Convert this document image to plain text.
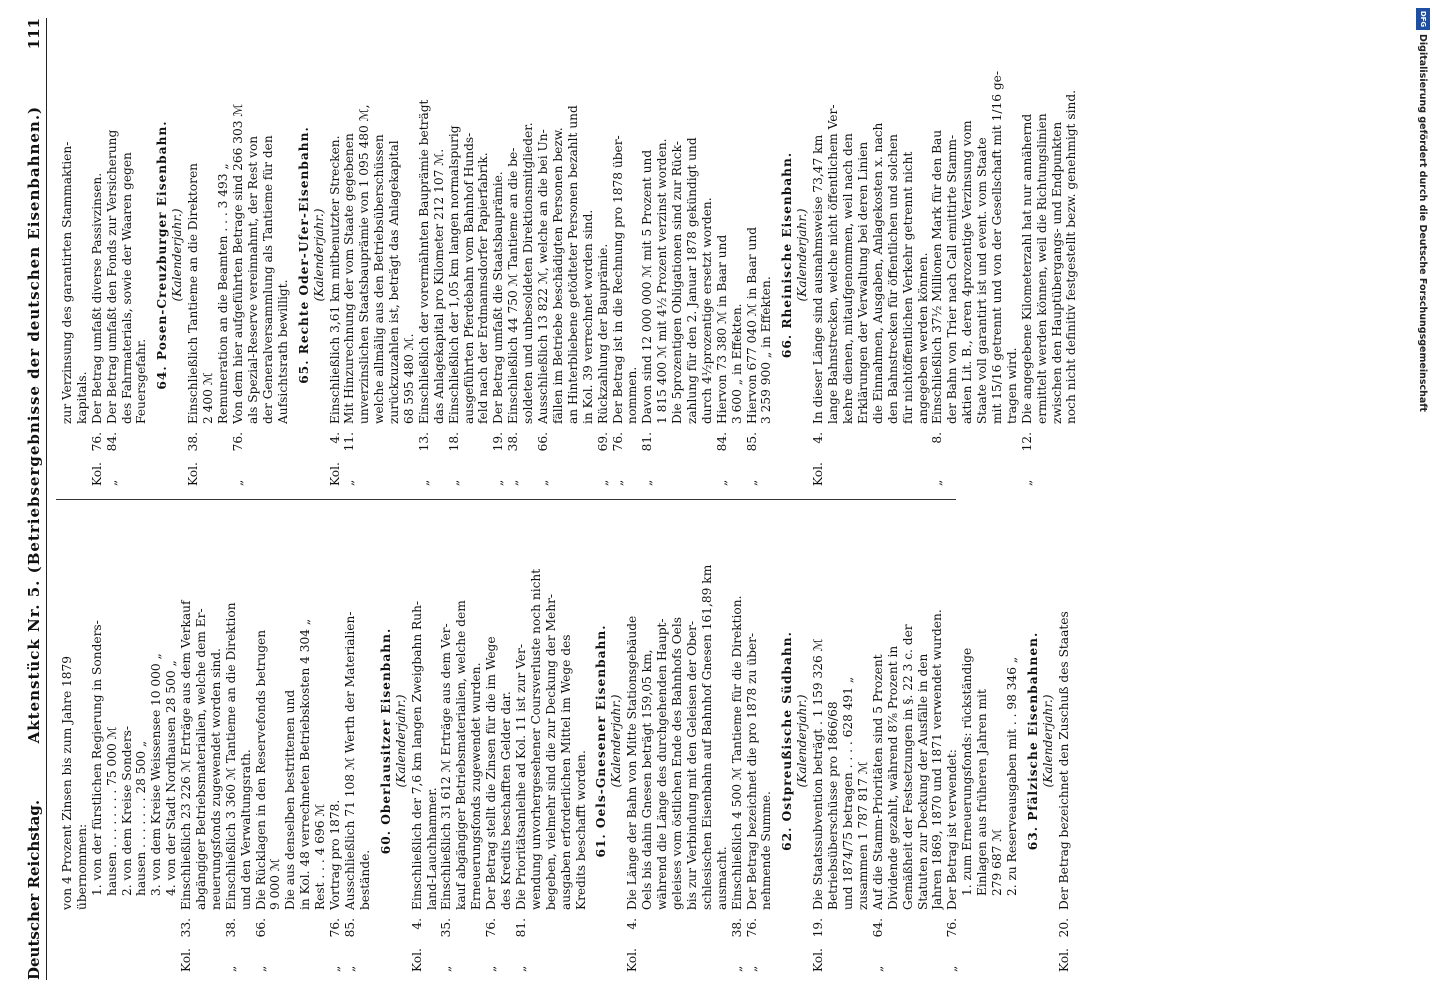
Deutscher Reichstag.
Aktenstück Nr. 5. (Betriebsergebnisse der deutschen Eisenbahnen.)
111
von 4 Prozent Zinsen bis zum Jahre 1879 übernommen: 1. von der fürstlichen Regierung in Sonders- hausen . . . . . . . . 75 000 ℳ 2. von dem Kreise Sonders- hausen . . . . . . . 28 500 „ 3. von dem Kreise Weissensee 10 000 „ 4. von der Stadt Nordhausen 28 500 „
Kol.
33.
Einschließlich 23 226 ℳ Erträge aus dem Verkauf abgängiger Betriebsmaterialien, welche dem Er- neuerungsfonds zugewendet worden sind.
„
38.
Einschließlich 3 360 ℳ Tantieme an die Direktion und den Verwaltungsrath.
„
66.
Die Rücklagen in den Reservefonds betrugen 9 000 ℳ Die aus denselben bestrittenen und in Kol. 48 verrechneten Betriebskosten 4 304 „ Rest . . . 4 696 ℳ
„
76.
Vortrag pro 1878.
„
85.
Ausschließlich 71 108 ℳ Werth der Materialien- bestände.
60. Oberlausitzer Eisenbahn. (Kalenderjahr.)
Kol.
4.
Einschließlich der 7,6 km langen Zweigbahn Ruh- land-Lauchhammer.
„
35.
Einschließlich 31 612 ℳ Erträge aus dem Ver- kauf abgängiger Betriebsmaterialien, welche dem Erneuerungsfonds zugewendet wurden.
„
76.
Der Betrag stellt die Zinsen für die im Wege des Kredits beschafften Gelder dar.
„
81.
Die Prioritätsanleihe ad Kol. 11 ist zur Ver- wendung unvorhergesehener Coursverluste noch nicht begeben, vielmehr sind die zur Deckung der Mehr- ausgaben erforderlichen Mittel im Wege des Kredits beschafft worden. 61. Oels-Gnesener Eisenbahn. (Kalenderjahr.)
Kol.
4.
Die Länge der Bahn von Mitte Stationsgebäude Oels bis dahin Gnesen beträgt 159,05 km, während die Länge des durchgehenden Haupt- geleises vom östlichen Ende des Bahnhofs Oels bis zur Verbindung mit den Geleisen der Ober- schlesischen Eisenbahn auf Bahnhof Gnesen 161,89 km ausmacht.
„
38.
Einschließlich 4 500 ℳ Tantieme für die Direktion.
„
76.
Der Betrag bezeichnet die pro 1878 zu über- nehmende Summe. 62. Ostpreußische Südbahn. (Kalenderjahr.)
Kol.
19.
Die Staatssubvention beträgt . 1 159 326 ℳ Betriebsüberschüsse pro 1866/68 und 1874/75 betragen . . . . 628 491 „ zusammen 1 787 817 ℳ
„
64.
Auf die Stamm-Prioritäten sind 5 Prozent Dividende gezahlt, während 8⅞ Prozent in Gemäßheit der Festsetzungen in §. 22 3 c. der Statuten zur Deckung der Ausfälle in den Jahren 1869, 1870 und 1871 verwendet wurden.
„
76.
Der Betrag ist verwendet: 1. zum Erneuerungsfonds: rückständige Einlagen aus früheren Jahren mit 279 687 ℳ 2. zu Reserveausgaben mit . . 98 346 „ 63. Pfälzische Eisenbahnen. (Kalenderjahr.)
Kol.
20.
Der Betrag bezeichnet den Zuschuß des Staates
zur Verzinsung des garantirten Stammaktien- kapitals.
Kol.
76.
Der Betrag umfaßt diverse Passivzinsen.
„
84.
Der Betrag umfaßt den Fonds zur Versicherung des Fahrmaterials, sowie der Waaren gegen Feuersgefahr. 64. Posen-Creuzburger Eisenbahn. (Kalenderjahr.)
Kol.
38.
Einschließlich Tantieme an die Direktoren 2 400 ℳ Remuneration an die Beamten . . . 3 493 „
„
76.
Von dem hier aufgeführten Betrage sind 266 303 ℳ als Spezial-Reserve vereinnahmt, der Rest von der Generalversammlung als Tantieme für den Aufsichtsrath bewilligt. 65. Rechte Oder-Ufer-Eisenbahn. (Kalenderjahr.)
Kol.
4.
Einschließlich 3,61 km mitbenutzter Strecken.
„
11.
Mit Hinzurechnung der vom Staate gegebenen unverzinslichen Staatsbauprämie von 1 095 480 ℳ, welche allmälig aus den Betriebsüberschüssen zurückzuzahlen ist, beträgt das Anlagekapital 68 595 480 ℳ.
„
13.
Einschließlich der vorermähnten Bauprämie beträgt das Anlagekapital pro Kilometer 212 107 ℳ.
„
18.
Einschließlich der 1,05 km langen normalspurig ausgeführten Pferdebahn vom Bahnhof Hunds- feld nach der Erdmannsdorfer Papierfabrik.
„
19.
Der Betrag umfaßt die Staatsbauprämie.
„
38.
Einschließlich 44 750 ℳ Tantieme an die be- soldeten und unbesoldeten Direktionsmitglieder.
„
66.
Ausschließlich 13 822 ℳ, welche an die bei Un- fällen im Betriebe beschädigten Personen bezw. an Hinterbliebene getödteter Personen bezahlt und in Kol. 39 verrechnet worden sind.
„
69.
Rückzahlung der Bauprämie.
„
76.
Der Betrag ist in die Rechnung pro 1878 über- nommen.
„
81.
Davon sind 12 000 000 ℳ mit 5 Prozent und 1 815 400 ℳ mit 4½ Prozent verzinst worden. Die 5prozentigen Obligationen sind zur Rück- zahlung für den 2. Januar 1878 gekündigt und durch 4½prozentige ersetzt worden.
„
84.
Hiervon 73 380 ℳ in Baar und 3 600 „ in Effekten.
„
85.
Hiervon 677 040 ℳ in Baar und 3 259 900 „ in Effekten. 66. Rheinische Eisenbahn. (Kalenderjahr.)
Kol.
4.
In dieser Länge sind ausnahmsweise 73,47 km lange Bahnstrecken, welche nicht öffentlichem Ver- kehre dienen, mitaufgenommen, weil nach den Erklärungen der Verwaltung bei deren Linien die Einnahmen, Ausgaben, Anlagekosten x. nach den Bahnstrecken für öffentlichen und solchen für nichtöffentlichen Verkehr getrennt nicht angegeben werden können.
„
8.
Einschließlich 37½ Millionen Mark für den Bau der Bahn von Trier nach Call emittirte Stamm- aktien Lit. B., deren 4prozentige Verzinsung vom Staate voll garantirt ist und event. vom Staate mit 15/16 getrennt und von der Gesellschaft mit 1/16 ge- tragen wird.
„
12.
Die angegebene Kilometerzahl hat nur annähernd ermittelt werden können, weil die Richtungslinien zwischen den Hauptübergangs- und Endpunkten noch nicht definitiv festgestellt bezw. genehmigt sind.
DFG
Digitalisierung gefördert durch die Deutsche Forschungsgemeinschaft
